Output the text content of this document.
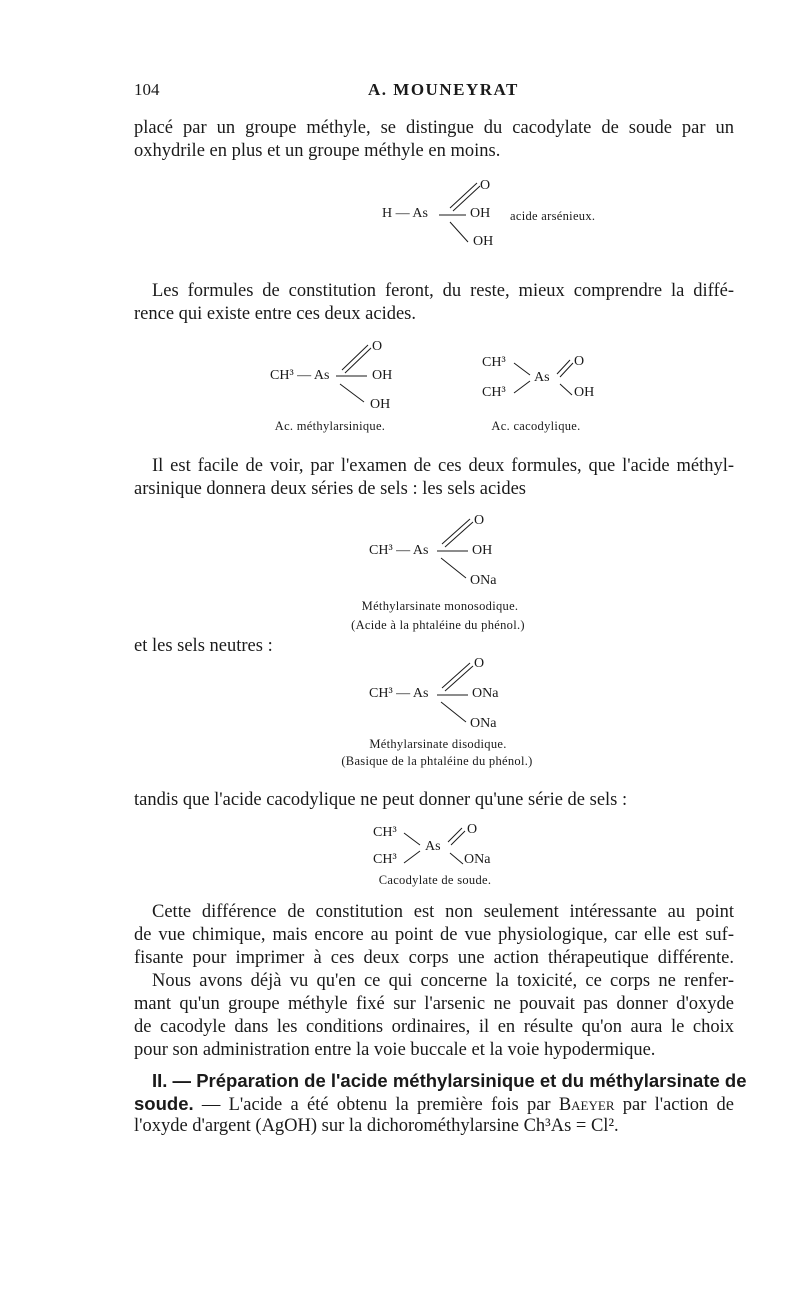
104	A. MOUNEYRAT
placé par un groupe méthyle, se distingue du cacodylate de soude par un
oxhydrile en plus et un groupe méthyle en moins.
H — As
O
OH
OH
acide arsénieux.
Les formules de constitution feront, du reste, mieux comprendre la diffé-
rence qui existe entre ces deux acides.
CH³ — As
O
OH
OH
Ac. méthylarsinique.
CH³
CH³
As
O
OH
Ac. cacodylique.
Il est facile de voir, par l'examen de ces deux formules, que l'acide méthyl-
arsinique donnera deux séries de sels : les sels acides
CH³ — As
O
OH
ONa
Méthylarsinate monosodique.
(Acide à la phtaléine du phénol.)
et les sels neutres :
CH³ — As
O
ONa
ONa
Méthylarsinate disodique.
(Basique de la phtaléine du phénol.)
tandis que l'acide cacodylique ne peut donner qu'une série de sels :
CH³
CH³
As
O
ONa
Cacodylate de soude.
Cette différence de constitution est non seulement intéressante au point
de vue chimique, mais encore au point de vue physiologique, car elle est suf-
fisante pour imprimer à ces deux corps une action thérapeutique différente.
Nous avons déjà vu qu'en ce qui concerne la toxicité, ce corps ne renfer-
mant qu'un groupe méthyle fixé sur l'arsenic ne pouvait pas donner d'oxyde
de cacodyle dans les conditions ordinaires, il en résulte qu'on aura le choix
pour son administration entre la voie buccale et la voie hypodermique.
II. — Préparation de l'acide méthylarsinique et du méthylarsinate de
soude. — L'acide a été obtenu la première fois par Baeyer par l'action de
l'oxyde d'argent (AgOH) sur la dichorométhylarsine Ch³As = Cl².
